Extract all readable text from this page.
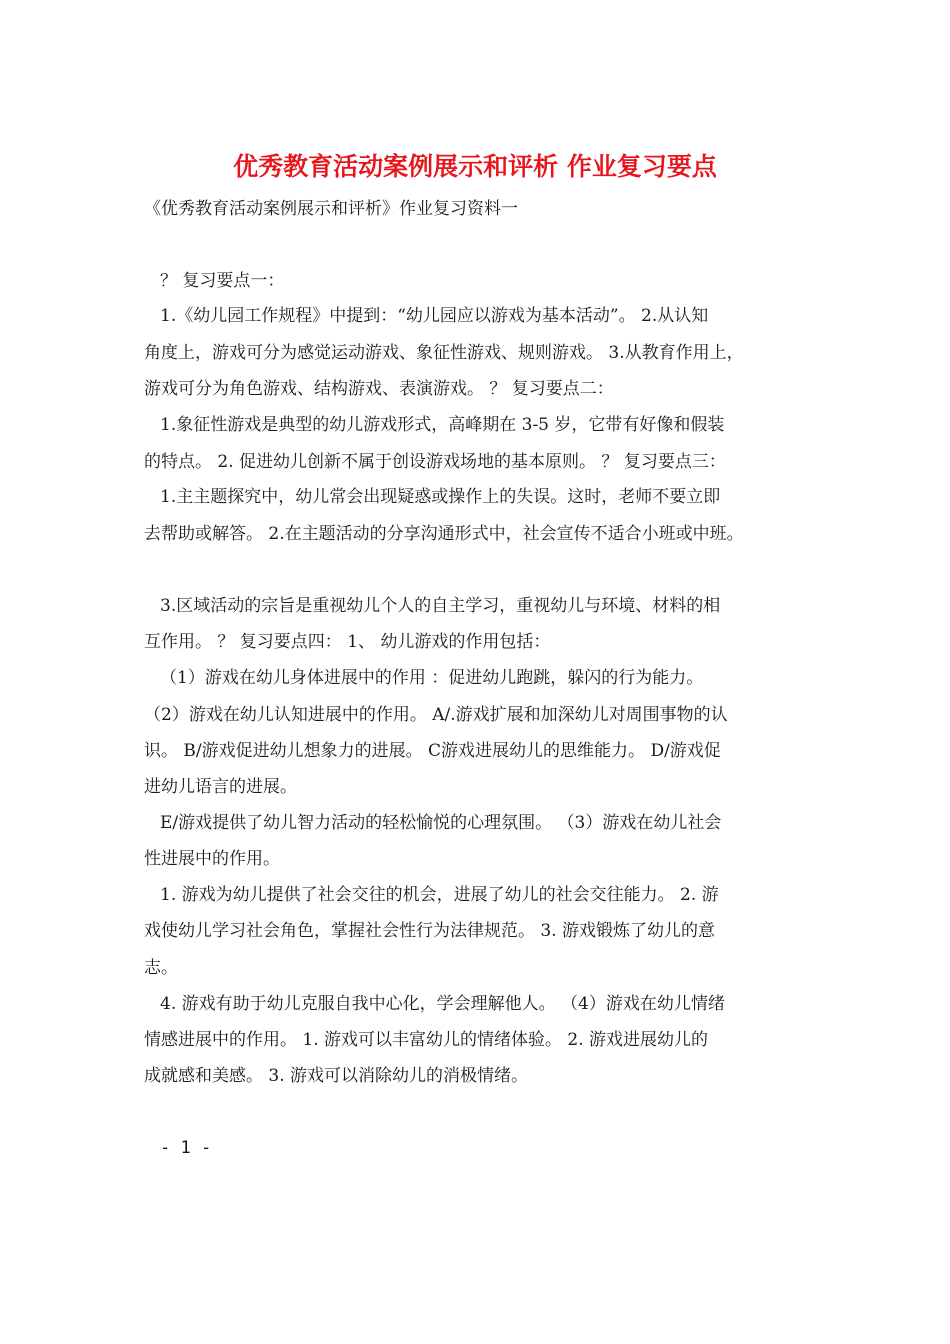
优秀教育活动案例展示和评析 作业复习要点
《优秀教育活动案例展示和评析》作业复习资料一
？ 复习要点一：
1.《幼儿园工作规程》中提到：“幼儿园应以游戏为基本活动”。 2.从认知
角度上，游戏可分为感觉运动游戏、象征性游戏、规则游戏。 3.从教育作用上，
游戏可分为角色游戏、结构游戏、表演游戏。 ？ 复习要点二：
1.象征性游戏是典型的幼儿游戏形式，高峰期在 3-5 岁，它带有好像和假装
的特点。 2. 促进幼儿创新不属于创设游戏场地的基本原则。 ？ 复习要点三：
1.主主题探究中，幼儿常会出现疑惑或操作上的失误。这时，老师不要立即
去帮助或解答。 2.在主题活动的分享沟通形式中，社会宣传不适合小班或中班。
3.区域活动的宗旨是重视幼儿个人的自主学习，重视幼儿与环境、材料的相
互作用。 ？ 复习要点四： 1、 幼儿游戏的作用包括：
（1）游戏在幼儿身体进展中的作用 ：促进幼儿跑跳，躲闪的行为能力。
（2）游戏在幼儿认知进展中的作用。 A/.游戏扩展和加深幼儿对周围事物的认
识。 B/游戏促进幼儿想象力的进展。 C游戏进展幼儿的思维能力。 D/游戏促
进幼儿语言的进展。
E/游戏提供了幼儿智力活动的轻松愉悦的心理氛围。 （3）游戏在幼儿社会
性进展中的作用。
1. 游戏为幼儿提供了社会交往的机会，进展了幼儿的社会交往能力。 2. 游
戏使幼儿学习社会角色，掌握社会性行为法律规范。 3. 游戏锻炼了幼儿的意
志。
4. 游戏有助于幼儿克服自我中心化，学会理解他人。 （4）游戏在幼儿情绪
情感进展中的作用。 1. 游戏可以丰富幼儿的情绪体验。 2. 游戏进展幼儿的
成就感和美感。 3. 游戏可以消除幼儿的消极情绪。
- 1 -
